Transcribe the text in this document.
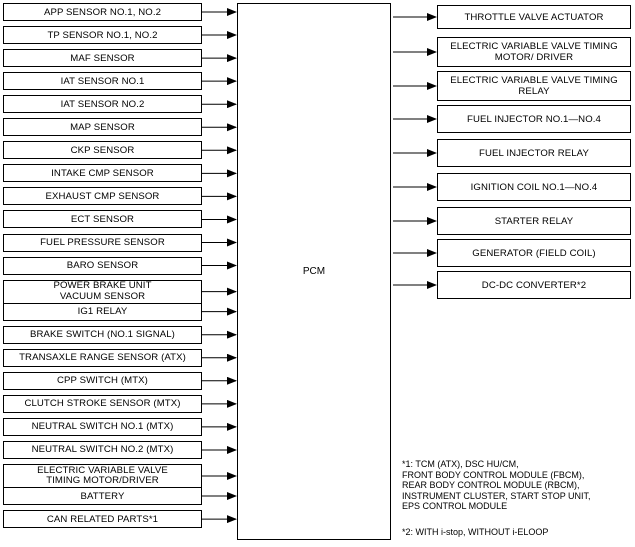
PCM
APP SENSOR NO.1, NO.2
TP SENSOR NO.1, NO.2
MAF SENSOR
IAT SENSOR NO.1
IAT SENSOR NO.2
MAP SENSOR
CKP SENSOR
INTAKE CMP SENSOR
EXHAUST CMP SENSOR
ECT SENSOR
FUEL PRESSURE SENSOR
BARO SENSOR
POWER BRAKE UNIT
VACUUM SENSOR
IG1 RELAY
BRAKE SWITCH (NO.1 SIGNAL)
TRANSAXLE RANGE SENSOR (ATX)
CPP SWITCH (MTX)
CLUTCH STROKE SENSOR (MTX)
NEUTRAL SWITCH NO.1 (MTX)
NEUTRAL SWITCH NO.2 (MTX)
ELECTRIC VARIABLE VALVE
TIMING MOTOR/DRIVER
BATTERY
CAN RELATED PARTS*1
THROTTLE VALVE ACTUATOR
ELECTRIC VARIABLE VALVE TIMING
MOTOR/ DRIVER
ELECTRIC VARIABLE VALVE TIMING
RELAY
FUEL INJECTOR NO.1—NO.4
FUEL INJECTOR RELAY
IGNITION COIL NO.1—NO.4
STARTER RELAY
GENERATOR (FIELD COIL)
DC-DC CONVERTER*2
*1: TCM (ATX), DSC HU/CM,
FRONT BODY CONTROL MODULE (FBCM),
REAR BODY CONTROL MODULE (RBCM),
INSTRUMENT CLUSTER, START STOP UNIT,
EPS CONTROL MODULE
*2: WITH i-stop, WITHOUT i-ELOOP
